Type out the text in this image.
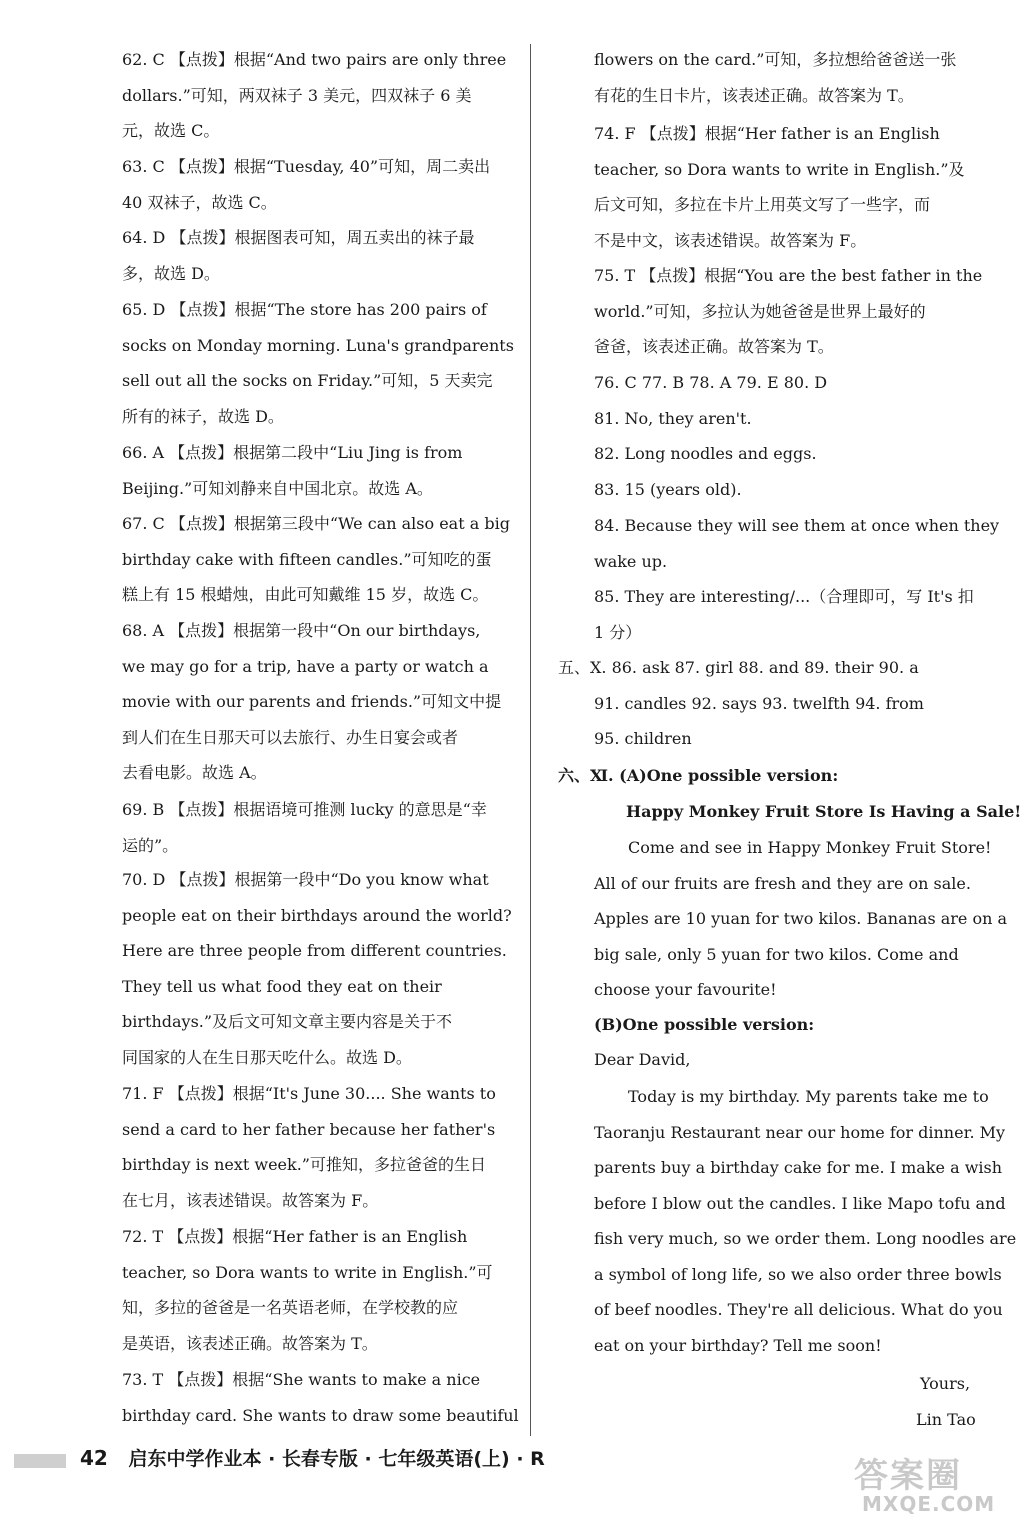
62. C 【点拨】根据“And two pairs are only three
dollars.”可知，两双袜子 3 美元，四双袜子 6 美
元，故选 C。
63. C 【点拨】根据“Tuesday, 40”可知，周二卖出
40 双袜子，故选 C。
64. D 【点拨】根据图表可知，周五卖出的袜子最
多，故选 D。
65. D 【点拨】根据“The store has 200 pairs of
socks on Monday morning. Luna's grandparents
sell out all the socks on Friday.”可知，5 天卖完
所有的袜子，故选 D。
66. A 【点拨】根据第二段中“Liu Jing is from
Beijing.”可知刘静来自中国北京。故选 A。
67. C 【点拨】根据第三段中“We can also eat a big
birthday cake with fifteen candles.”可知吃的蛋
糕上有 15 根蜡烛，由此可知戴维 15 岁，故选 C。
68. A 【点拨】根据第一段中“On our birthdays,
we may go for a trip, have a party or watch a
movie with our parents and friends.”可知文中提
到人们在生日那天可以去旅行、办生日宴会或者
去看电影。故选 A。
69. B 【点拨】根据语境可推测 lucky 的意思是“幸
运的”。
70. D 【点拨】根据第一段中“Do you know what
people eat on their birthdays around the world?
Here are three people from different countries.
They tell us what food they eat on their
birthdays.”及后文可知文章主要内容是关于不
同国家的人在生日那天吃什么。故选 D。
71. F 【点拨】根据“It's June 30.... She wants to
send a card to her father because her father's
birthday is next week.”可推知，多拉爸爸的生日
在七月，该表述错误。故答案为 F。
72. T 【点拨】根据“Her father is an English
teacher, so Dora wants to write in English.”可
知，多拉的爸爸是一名英语老师，在学校教的应
是英语，该表述正确。故答案为 T。
73. T 【点拨】根据“She wants to make a nice
birthday card. She wants to draw some beautiful
flowers on the card.”可知，多拉想给爸爸送一张
有花的生日卡片，该表述正确。故答案为 T。
74. F 【点拨】根据“Her father is an English
teacher, so Dora wants to write in English.”及
后文可知，多拉在卡片上用英文写了一些字，而
不是中文，该表述错误。故答案为 F。
75. T 【点拨】根据“You are the best father in the
world.”可知，多拉认为她爸爸是世界上最好的
爸爸，该表述正确。故答案为 T。
76. C 77. B 78. A 79. E 80. D
81. No, they aren't.
82. Long noodles and eggs.
83. 15 (years old).
84. Because they will see them at once when they
wake up.
85. They are interesting/...（合理即可，写 It's 扣
1 分）
五、Ⅹ. 86. ask 87. girl 88. and 89. their 90. a
91. candles 92. says 93. twelfth 94. from
95. children
六、Ⅺ. (A)One possible version:
Happy Monkey Fruit Store Is Having a Sale!
Come and see in Happy Monkey Fruit Store!
All of our fruits are fresh and they are on sale.
Apples are 10 yuan for two kilos. Bananas are on a
big sale, only 5 yuan for two kilos. Come and
choose your favourite!
(B)One possible version:
Dear David,
Today is my birthday. My parents take me to
Taoranju Restaurant near our home for dinner. My
parents buy a birthday cake for me. I make a wish
before I blow out the candles. I like Mapo tofu and
fish very much, so we order them. Long noodles are
a symbol of long life, so we also order three bowls
of beef noodles. They're all delicious. What do you
eat on your birthday? Tell me soon!
Yours,
Lin Tao
42 启东中学作业本 · 长春专版 · 七年级英语(上) · R	答案圈
MXQE.COM
